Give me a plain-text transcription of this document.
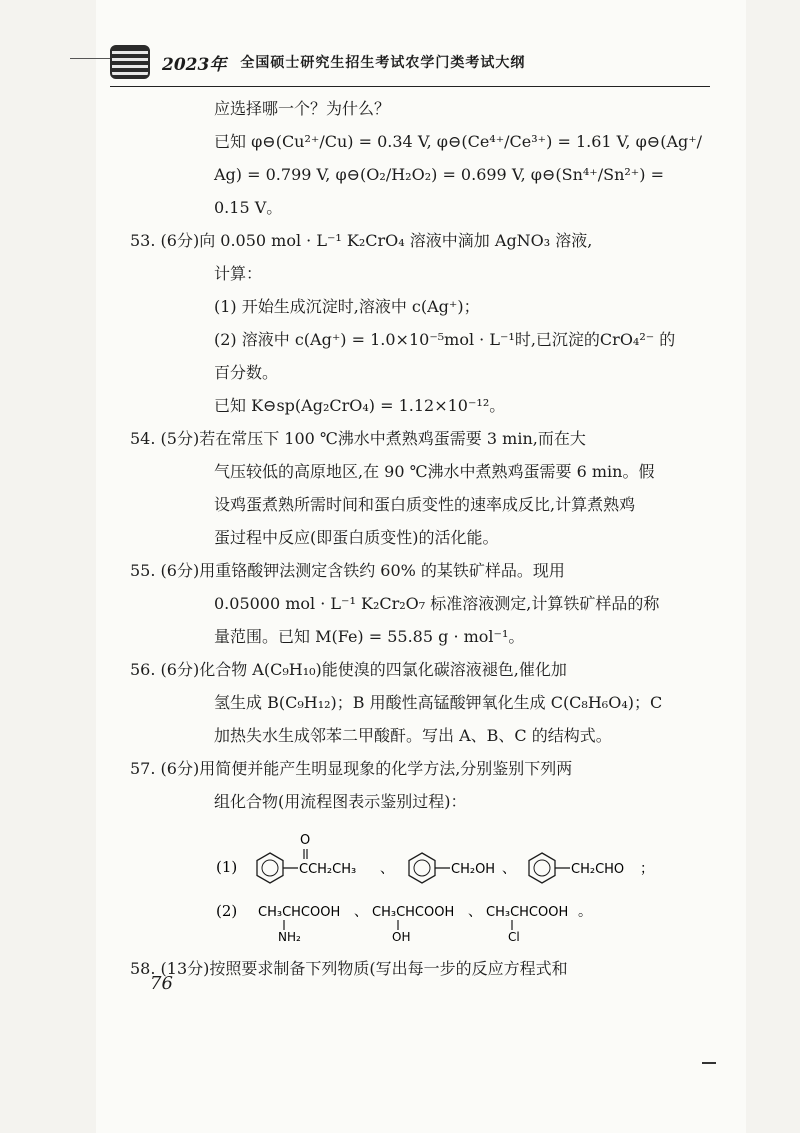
2023年 全国硕士研究生招生考试农学门类考试大纲
应选择哪一个？为什么？
已知 φ⊖(Cu²⁺/Cu) = 0.34 V, φ⊖(Ce⁴⁺/Ce³⁺) = 1.61 V, φ⊖(Ag⁺/
Ag) = 0.799 V, φ⊖(O₂/H₂O₂) = 0.699 V, φ⊖(Sn⁴⁺/Sn²⁺) =
0.15 V。
53. (6分)向 0.050 mol · L⁻¹ K₂CrO₄ 溶液中滴加 AgNO₃ 溶液,
计算：
(1) 开始生成沉淀时,溶液中 c(Ag⁺)；
(2) 溶液中 c(Ag⁺) = 1.0×10⁻⁵mol · L⁻¹时,已沉淀的CrO₄²⁻ 的
百分数。
已知 K⊖sp(Ag₂CrO₄) = 1.12×10⁻¹²。
54. (5分)若在常压下 100 ℃沸水中煮熟鸡蛋需要 3 min,而在大
气压较低的高原地区,在 90 ℃沸水中煮熟鸡蛋需要 6 min。假
设鸡蛋煮熟所需时间和蛋白质变性的速率成反比,计算煮熟鸡
蛋过程中反应(即蛋白质变性)的活化能。
55. (6分)用重铬酸钾法测定含铁约 60% 的某铁矿样品。现用
0.05000 mol · L⁻¹ K₂Cr₂O₇ 标准溶液测定,计算铁矿样品的称
量范围。已知 M(Fe) = 55.85 g · mol⁻¹。
56. (6分)化合物 A(C₉H₁₀)能使溴的四氯化碳溶液褪色,催化加
氢生成 B(C₉H₁₂)；B 用酸性高锰酸钾氧化生成 C(C₈H₆O₄)；C
加热失水生成邻苯二甲酸酐。写出 A、B、C 的结构式。
57. (6分)用简便并能产生明显现象的化学方法,分别鉴别下列两
组化合物(用流程图表示鉴别过程)：
(1)
O
CCH₂CH₃ 、	CH₂OH 、	CH₂CHO ；
(2) CH₃CHCOOH
NH₂
、 CH₃CHCOOH
OH
、 CH₃CHCOOH
Cl
。
58. (13分)按照要求制备下列物质(写出每一步的反应方程式和
76
